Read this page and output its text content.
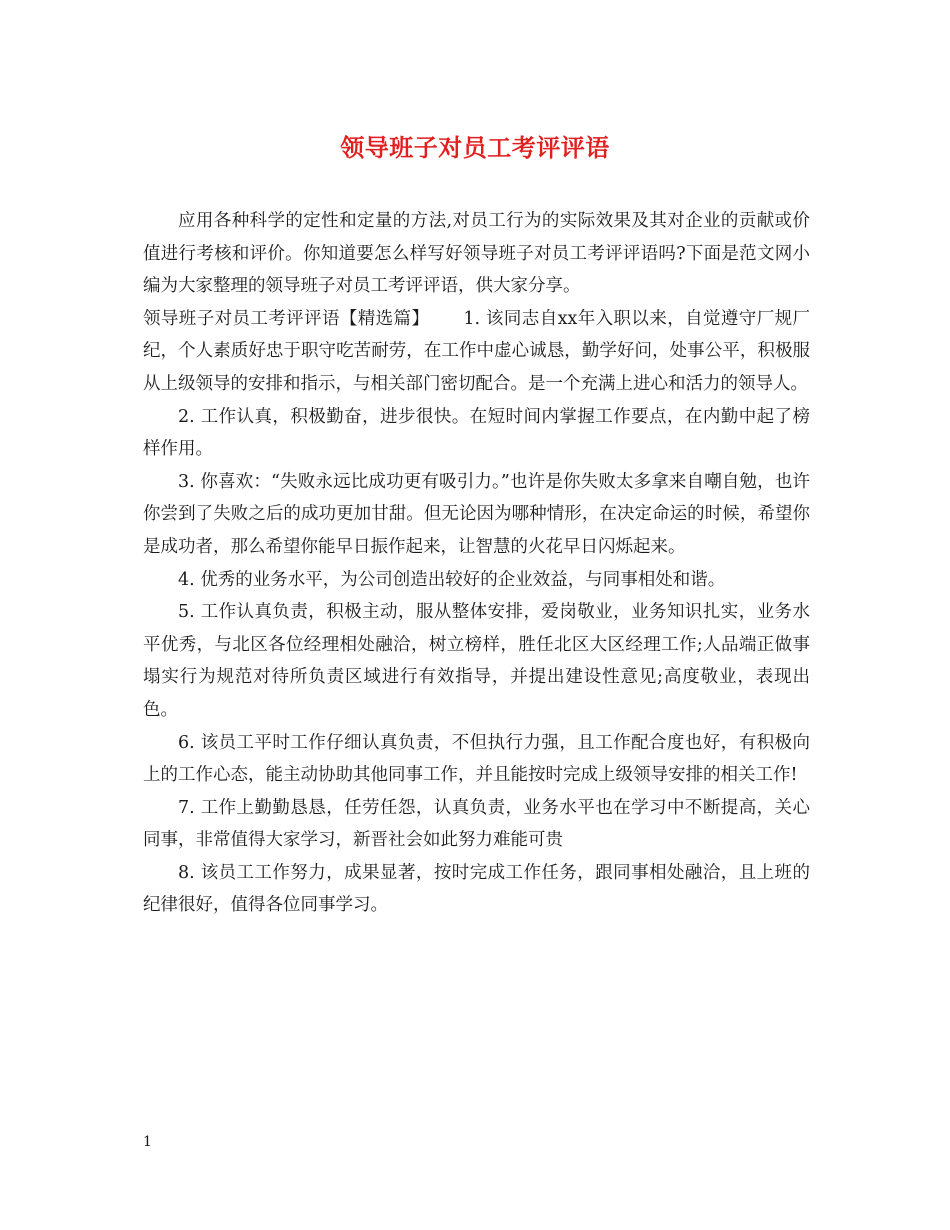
领导班子对员工考评评语

应用各种科学的定性和定量的方法,对员工行为的实际效果及其对企业的贡献或价值进行考核和评价。你知道要怎么样写好领导班子对员工考评评语吗?下面是范文网小编为大家整理的领导班子对员工考评评语，供大家分享。

领导班子对员工考评评语【精选篇】 1. 该同志自xx年入职以来，自觉遵守厂规厂纪，个人素质好忠于职守吃苦耐劳，在工作中虚心诚恳，勤学好问，处事公平，积极服从上级领导的安排和指示，与相关部门密切配合。是一个充满上进心和活力的领导人。

2. 工作认真，积极勤奋，进步很快。在短时间内掌握工作要点，在内勤中起了榜样作用。

3. 你喜欢：“失败永远比成功更有吸引力。”也许是你失败太多拿来自嘲自勉，也许你尝到了失败之后的成功更加甘甜。但无论因为哪种情形，在决定命运的时候，希望你是成功者，那么希望你能早日振作起来，让智慧的火花早日闪烁起来。

4. 优秀的业务水平，为公司创造出较好的企业效益，与同事相处和谐。

5. 工作认真负责，积极主动，服从整体安排，爱岗敬业，业务知识扎实，业务水平优秀，与北区各位经理相处融洽，树立榜样，胜任北区大区经理工作;人品端正做事塌实行为规范对待所负责区域进行有效指导，并提出建设性意见;高度敬业，表现出色。

6. 该员工平时工作仔细认真负责，不但执行力强，且工作配合度也好，有积极向上的工作心态，能主动协助其他同事工作，并且能按时完成上级领导安排的相关工作!

7. 工作上勤勤恳恳，任劳任怨，认真负责，业务水平也在学习中不断提高，关心同事，非常值得大家学习，新晋社会如此努力难能可贵

8. 该员工工作努力，成果显著，按时完成工作任务，跟同事相处融洽，且上班的纪律很好，值得各位同事学习。

1
